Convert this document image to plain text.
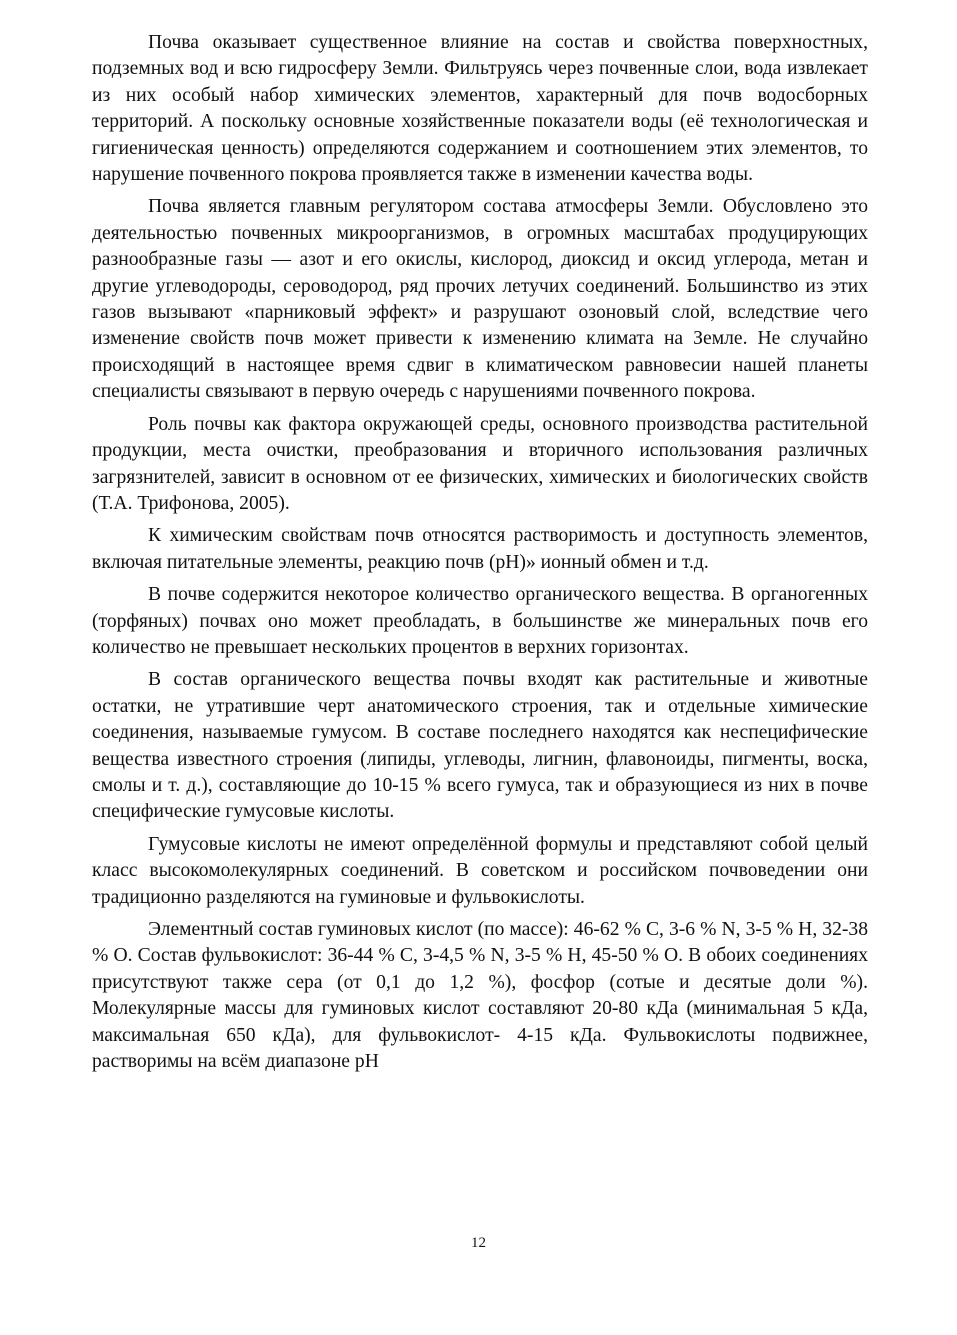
Почва оказывает существенное влияние на состав и свойства поверхностных, подземных вод и всю гидросферу Земли. Фильтруясь через почвенные слои, вода извлекает из них особый набор химических элементов, характерный для почв водосборных территорий. А поскольку основные хозяйственные показатели воды (её технологическая и гигиеническая ценность) определяются содержанием и соотношением этих элементов, то нарушение почвенного покрова проявляется также в изменении качества воды.

Почва является главным регулятором состава атмосферы Земли. Обусловлено это деятельностью почвенных микроорганизмов, в огромных масштабах продуцирующих разнообразные газы — азот и его окислы, кислород, диоксид и оксид углерода, метан и другие углеводороды, сероводород, ряд прочих летучих соединений. Большинство из этих газов вызывают «парниковый эффект» и разрушают озоновый слой, вследствие чего изменение свойств почв может привести к изменению климата на Земле. Не случайно происходящий в настоящее время сдвиг в климатическом равновесии нашей планеты специалисты связывают в первую очередь с нарушениями почвенного покрова.

Роль почвы как фактора окружающей среды, основного производства растительной продукции, места очистки, преобразования и вторичного использования различных загрязнителей, зависит в основном от ее физических, химических и биологических свойств (Т.А. Трифонова, 2005).

К химическим свойствам почв относятся растворимость и доступность элементов, включая питательные элементы, реакцию почв (рН)» ионный обмен и т.д.

В почве содержится некоторое количество органического вещества. В органогенных (торфяных) почвах оно может преобладать, в большинстве же минеральных почв его количество не превышает нескольких процентов в верхних горизонтах.

В состав органического вещества почвы входят как растительные и животные остатки, не утратившие черт анатомического строения, так и отдельные химические соединения, называемые гумусом. В составе последнего находятся как неспецифические вещества известного строения (липиды, углеводы, лигнин, флавоноиды, пигменты, воска, смолы и т. д.), составляющие до 10-15 % всего гумуса, так и образующиеся из них в почве специфические гумусовые кислоты.

Гумусовые кислоты не имеют определённой формулы и представляют собой целый класс высокомолекулярных соединений. В советском и российском почвоведении они традиционно разделяются на гуминовые и фульвокислоты.

Элементный состав гуминовых кислот (по массе): 46-62 % С, 3-6 % N, 3-5 % Н, 32-38 % О. Состав фульвокислот: 36-44 % С, 3-4,5 % N, 3-5 % Н, 45-50 % О. В обоих соединениях присутствуют также сера (от 0,1 до 1,2 %), фосфор (сотые и десятые доли %). Молекулярные массы для гуминовых кислот составляют 20-80 кДа (минимальная 5 кДа, максимальная 650 кДа), для фульвокислот- 4-15 кДа. Фульвокислоты подвижнее, растворимы на всём диапазоне рН

12
